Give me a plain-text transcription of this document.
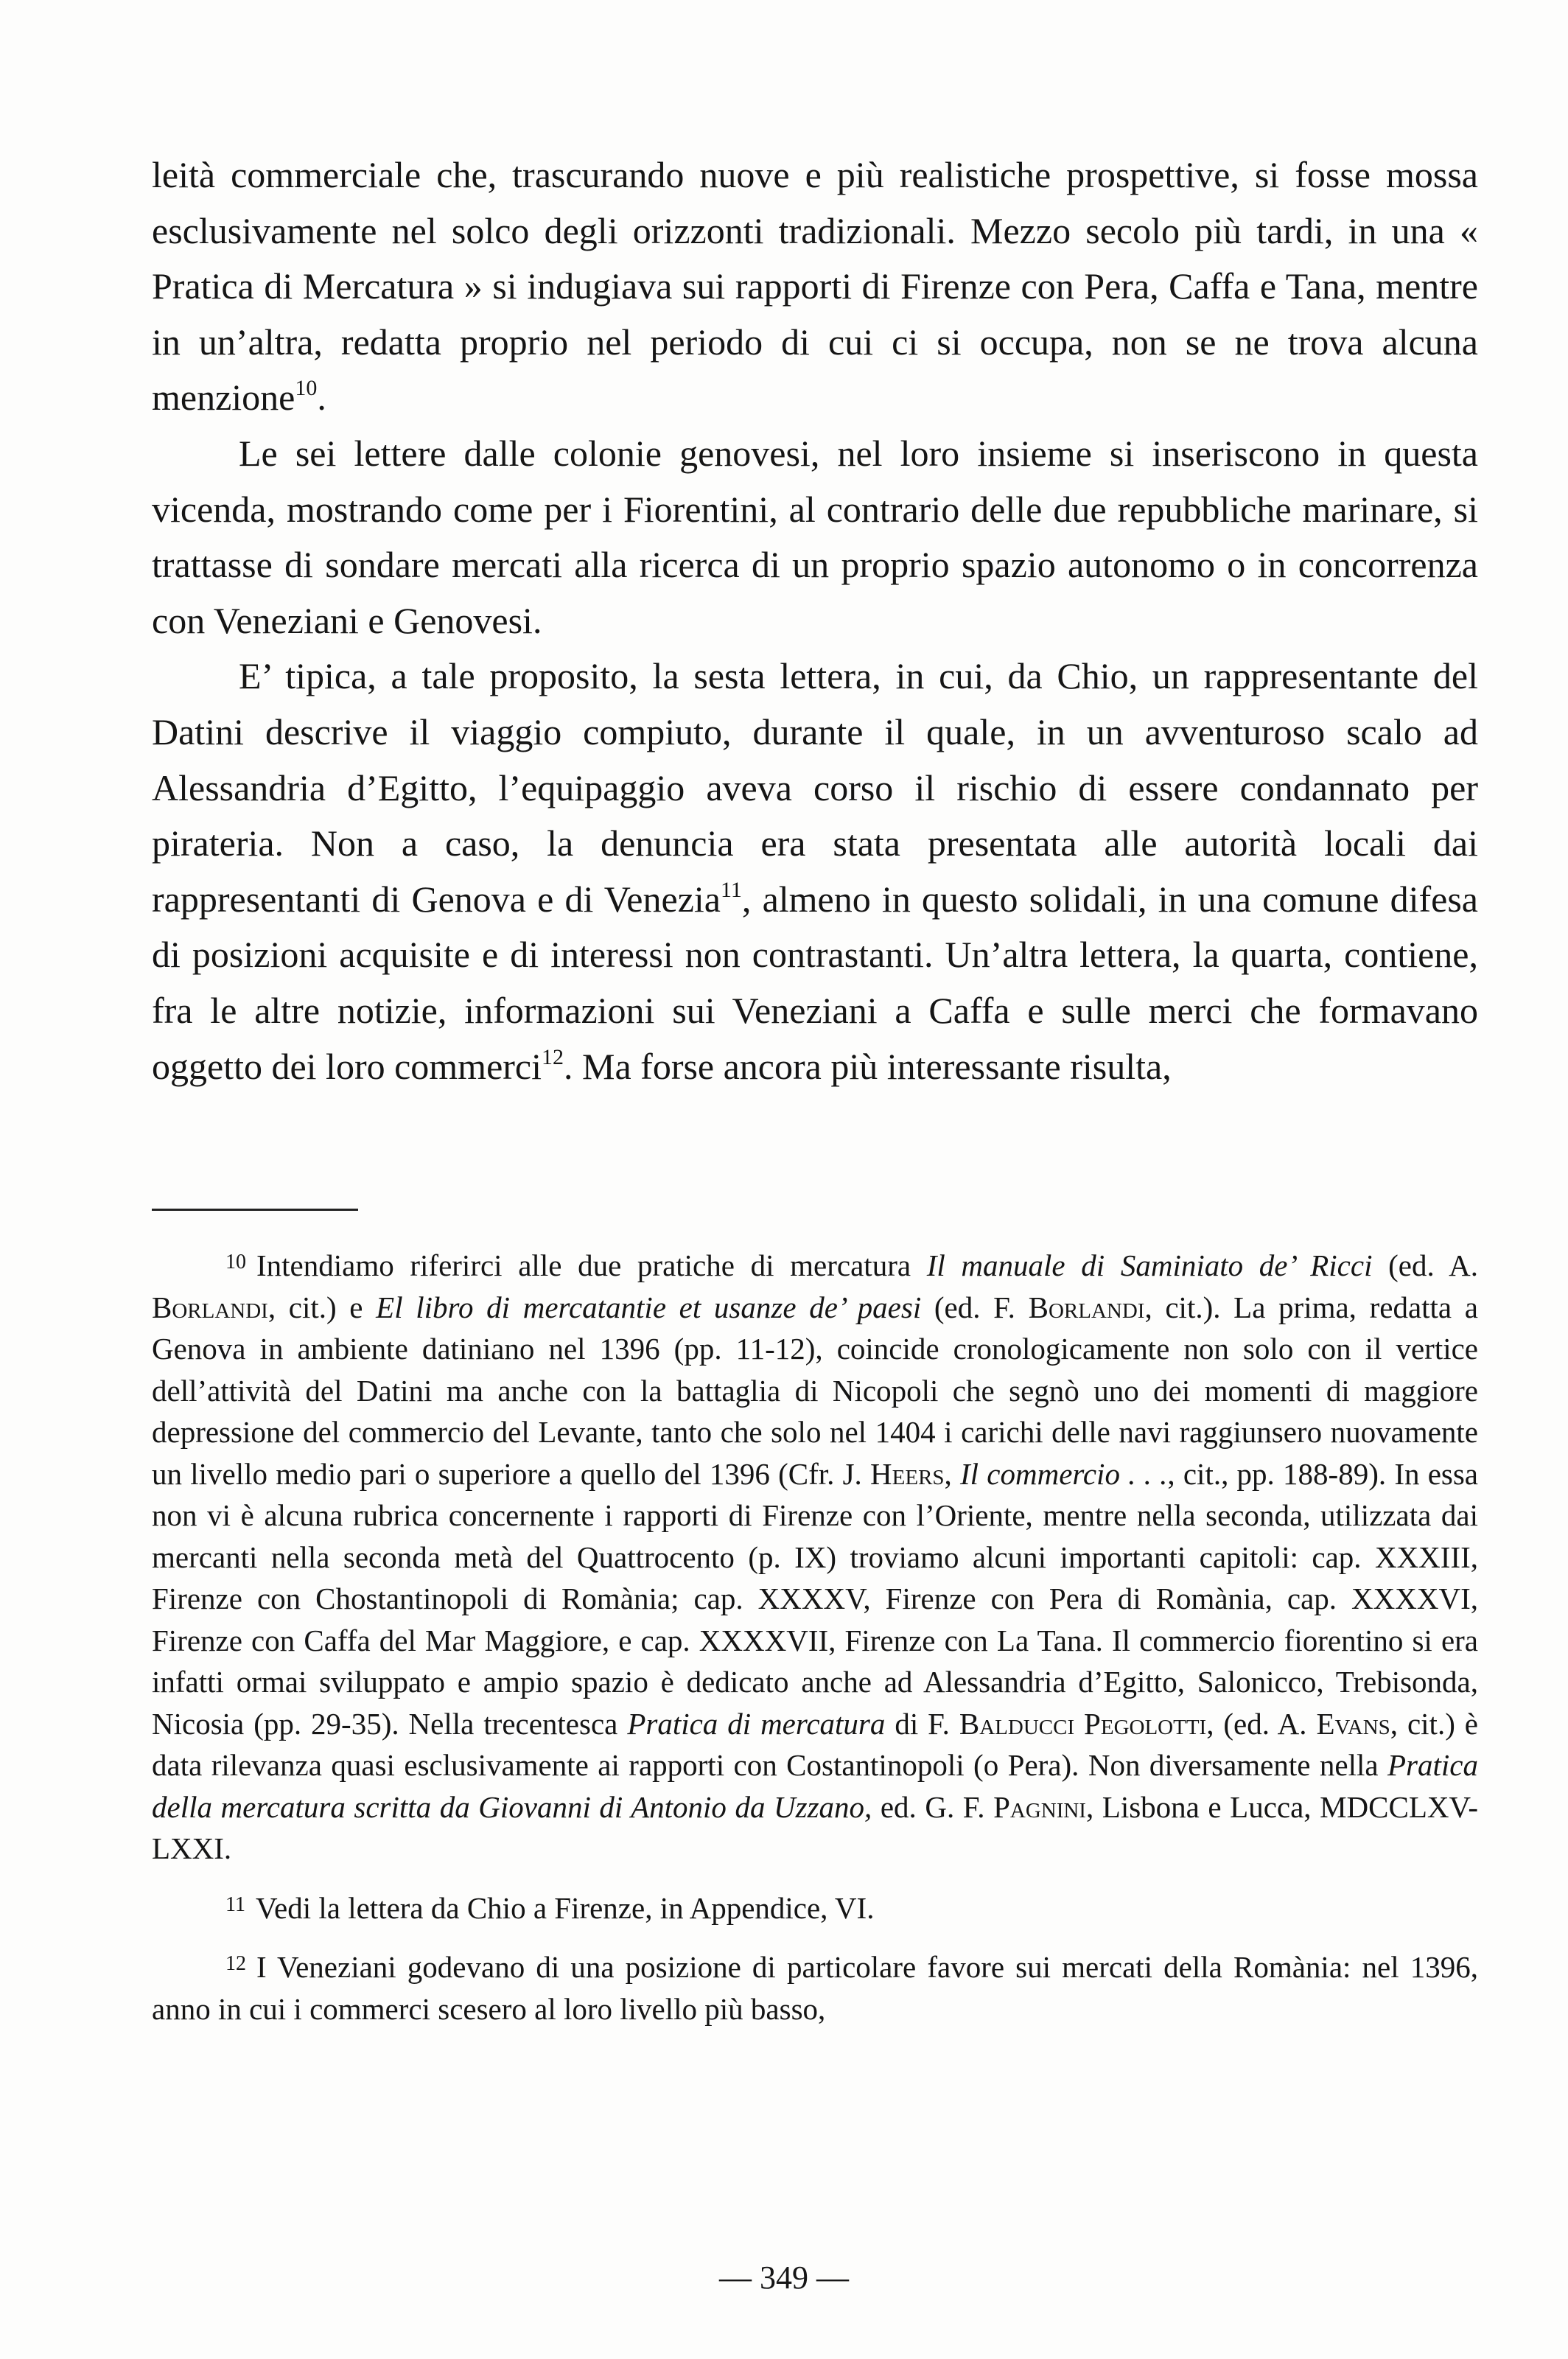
leità commerciale che, trascurando nuove e più realistiche prospettive, si fosse mossa esclusivamente nel solco degli orizzonti tradizionali. Mezzo secolo più tardi, in una « Pratica di Mercatura » si indugiava sui rapporti di Firenze con Pera, Caffa e Tana, mentre in un’altra, redatta proprio nel periodo di cui ci si occupa, non se ne trova alcuna menzione$^{10}$.

Le sei lettere dalle colonie genovesi, nel loro insieme si inseriscono in questa vicenda, mostrando come per i Fiorentini, al contrario delle due repubbliche marinare, si trattasse di sondare mercati alla ricerca di un proprio spazio autonomo o in concorrenza con Veneziani e Genovesi.

E’ tipica, a tale proposito, la sesta lettera, in cui, da Chio, un rappresentante del Datini descrive il viaggio compiuto, durante il quale, in un avventuroso scalo ad Alessandria d’Egitto, l’equipaggio aveva corso il rischio di essere condannato per pirateria. Non a caso, la denuncia era stata presentata alle autorità locali dai rappresentanti di Genova e di Venezia$^{11}$, almeno in questo solidali, in una comune difesa di posizioni acquisite e di interessi non contrastanti. Un’altra lettera, la quarta, contiene, fra le altre notizie, informazioni sui Veneziani a Caffa e sulle merci che formavano oggetto dei loro commerci$^{12}$. Ma forse ancora più interessante risulta,

$^{10}$ Intendiamo riferirci alle due pratiche di mercatura Il manuale di Saminiato de’ Ricci (ed. A. Borlandi, cit.) e El libro di mercatantie et usanze de’ paesi (ed. F. Borlandi, cit.). La prima, redatta a Genova in ambiente datiniano nel 1396 (pp. 11-12), coincide cronologicamente non solo con il vertice dell’attività del Datini ma anche con la battaglia di Nicopoli che segnò uno dei momenti di maggiore depressione del commercio del Levante, tanto che solo nel 1404 i carichi delle navi raggiunsero nuovamente un livello medio pari o superiore a quello del 1396 (Cfr. J. Heers, Il commercio . . ., cit., pp. 188-89). In essa non vi è alcuna rubrica concernente i rapporti di Firenze con l’Oriente, mentre nella seconda, utilizzata dai mercanti nella seconda metà del Quattrocento (p. IX) troviamo alcuni importanti capitoli: cap. XXXIII, Firenze con Chostantinopoli di Romània; cap. XXXXV, Firenze con Pera di Romània, cap. XXXXVI, Firenze con Caffa del Mar Maggiore, e cap. XXXXVII, Firenze con La Tana. Il commercio fiorentino si era infatti ormai sviluppato e ampio spazio è dedicato anche ad Alessandria d’Egitto, Salonicco, Trebisonda, Nicosia (pp. 29-35). Nella trecentesca Pratica di mercatura di F. Balducci Pegolotti, (ed. A. Evans, cit.) è data rilevanza quasi esclusivamente ai rapporti con Costantinopoli (o Pera). Non diversamente nella Pratica della mercatura scritta da Giovanni di Antonio da Uzzano, ed. G. F. Pagnini, Lisbona e Lucca, MDCCLXV-LXXI.

$^{11}$ Vedi la lettera da Chio a Firenze, in Appendice, VI.

$^{12}$ I Veneziani godevano di una posizione di particolare favore sui mercati della Romània: nel 1396, anno in cui i commerci scesero al loro livello più basso,

— 349 —
